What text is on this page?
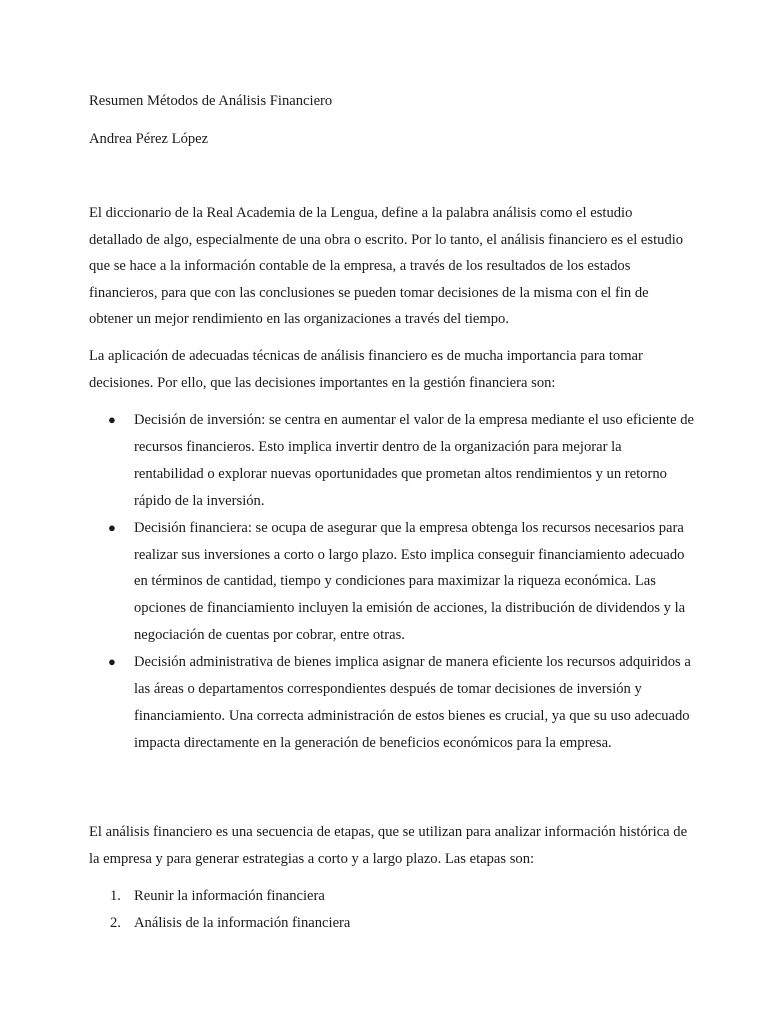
Resumen Métodos de Análisis Financiero
Andrea Pérez López

El diccionario de la Real Academia de la Lengua, define a la palabra análisis como el estudio detallado de algo, especialmente de una obra o escrito. Por lo tanto, el análisis financiero es el estudio que se hace a la información contable de la empresa, a través de los resultados de los estados financieros, para que con las conclusiones se pueden tomar decisiones de la misma con el fin de obtener un mejor rendimiento en las organizaciones a través del tiempo.

La aplicación de adecuadas técnicas de análisis financiero es de mucha importancia para tomar decisiones. Por ello, que las decisiones importantes en la gestión financiera son:

● Decisión de inversión: se centra en aumentar el valor de la empresa mediante el uso eficiente de recursos financieros. Esto implica invertir dentro de la organización para mejorar la rentabilidad o explorar nuevas oportunidades que prometan altos rendimientos y un retorno rápido de la inversión.
● Decisión financiera: se ocupa de asegurar que la empresa obtenga los recursos necesarios para realizar sus inversiones a corto o largo plazo. Esto implica conseguir financiamiento adecuado en términos de cantidad, tiempo y condiciones para maximizar la riqueza económica. Las opciones de financiamiento incluyen la emisión de acciones, la distribución de dividendos y la negociación de cuentas por cobrar, entre otras.
● Decisión administrativa de bienes implica asignar de manera eficiente los recursos adquiridos a las áreas o departamentos correspondientes después de tomar decisiones de inversión y financiamiento. Una correcta administración de estos bienes es crucial, ya que su uso adecuado impacta directamente en la generación de beneficios económicos para la empresa.

El análisis financiero es una secuencia de etapas, que se utilizan para analizar información histórica de la empresa y para generar estrategias a corto y a largo plazo. Las etapas son:

1. Reunir la información financiera
2. Análisis de la información financiera
